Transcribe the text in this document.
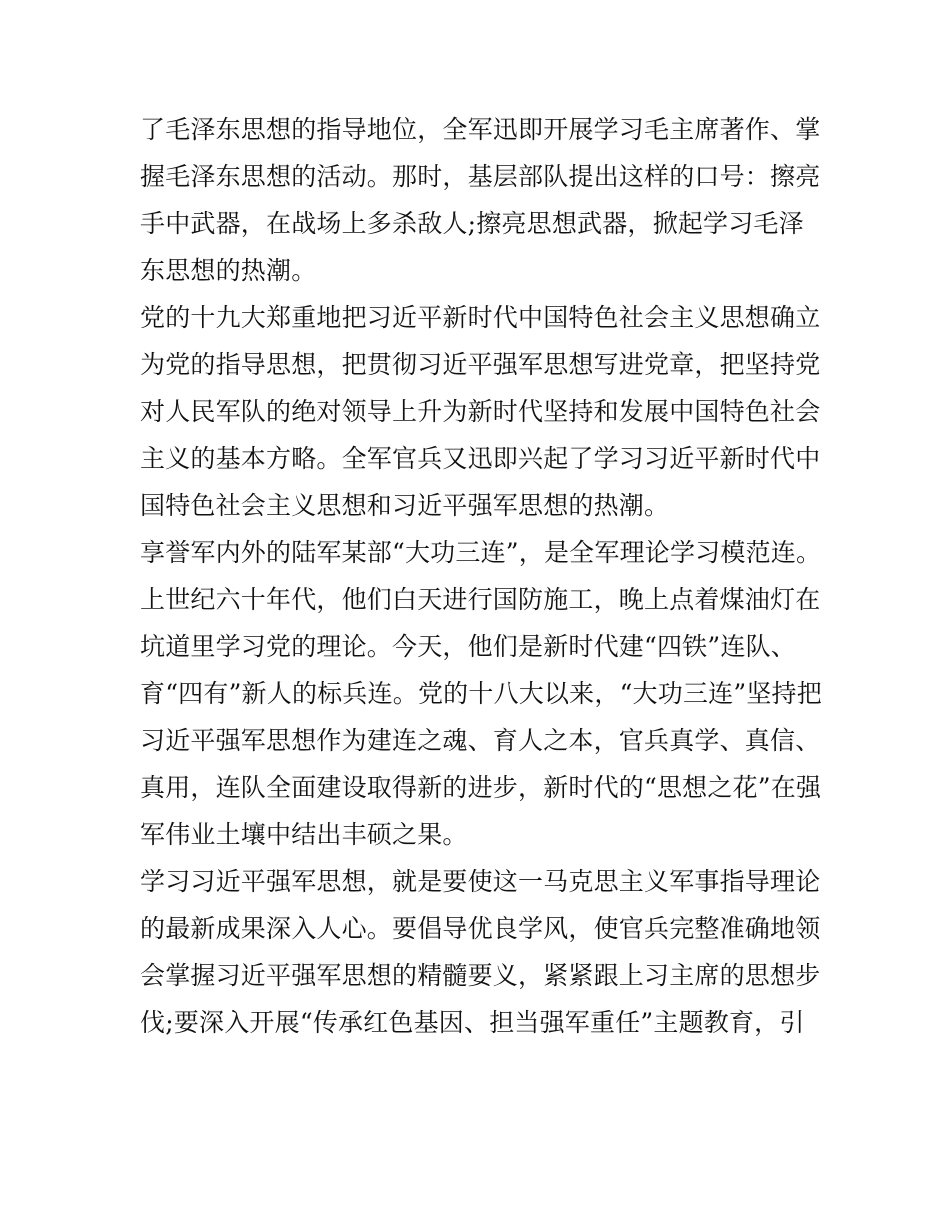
了毛泽东思想的指导地位，全军迅即开展学习毛主席著作、掌
握毛泽东思想的活动。那时，基层部队提出这样的口号：擦亮
手中武器，在战场上多杀敌人;擦亮思想武器，掀起学习毛泽
东思想的热潮。
党的十九大郑重地把习近平新时代中国特色社会主义思想确立
为党的指导思想，把贯彻习近平强军思想写进党章，把坚持党
对人民军队的绝对领导上升为新时代坚持和发展中国特色社会
主义的基本方略。全军官兵又迅即兴起了学习习近平新时代中
国特色社会主义思想和习近平强军思想的热潮。
享誉军内外的陆军某部“大功三连”，是全军理论学习模范连。
上世纪六十年代，他们白天进行国防施工，晚上点着煤油灯在
坑道里学习党的理论。今天，他们是新时代建“四铁”连队、
育“四有”新人的标兵连。党的十八大以来，“大功三连”坚持把
习近平强军思想作为建连之魂、育人之本，官兵真学、真信、
真用，连队全面建设取得新的进步，新时代的“思想之花”在强
军伟业土壤中结出丰硕之果。
学习习近平强军思想，就是要使这一马克思主义军事指导理论
的最新成果深入人心。要倡导优良学风，使官兵完整准确地领
会掌握习近平强军思想的精髓要义，紧紧跟上习主席的思想步
伐;要深入开展“传承红色基因、担当强军重任”主题教育，引
